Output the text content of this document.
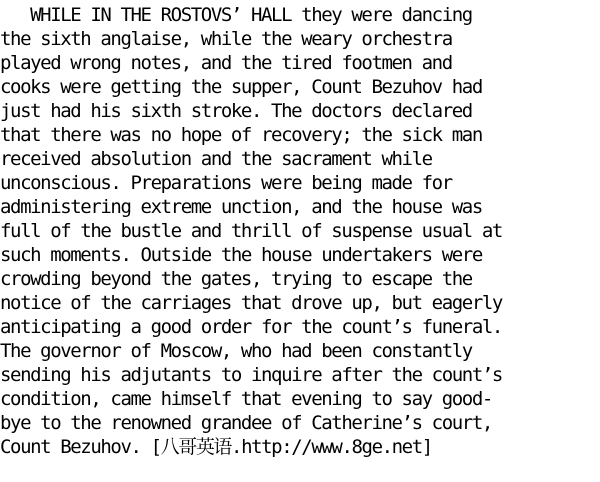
WHILE IN THE ROSTOVS’ HALL they were dancing
the sixth anglaise, while the weary orchestra
played wrong notes, and the tired footmen and
cooks were getting the supper, Count Bezuhov had
just had his sixth stroke. The doctors declared
that there was no hope of recovery; the sick man
received absolution and the sacrament while
unconscious. Preparations were being made for
administering extreme unction, and the house was
full of the bustle and thrill of suspense usual at
such moments. Outside the house undertakers were
crowding beyond the gates, trying to escape the
notice of the carriages that drove up, but eagerly
anticipating a good order for the count’s funeral.
The governor of Moscow, who had been constantly
sending his adjutants to inquire after the count’s
condition, came himself that evening to say good-
bye to the renowned grandee of Catherine’s court,
Count Bezuhov. [八哥英语.http://www.8ge.net]
